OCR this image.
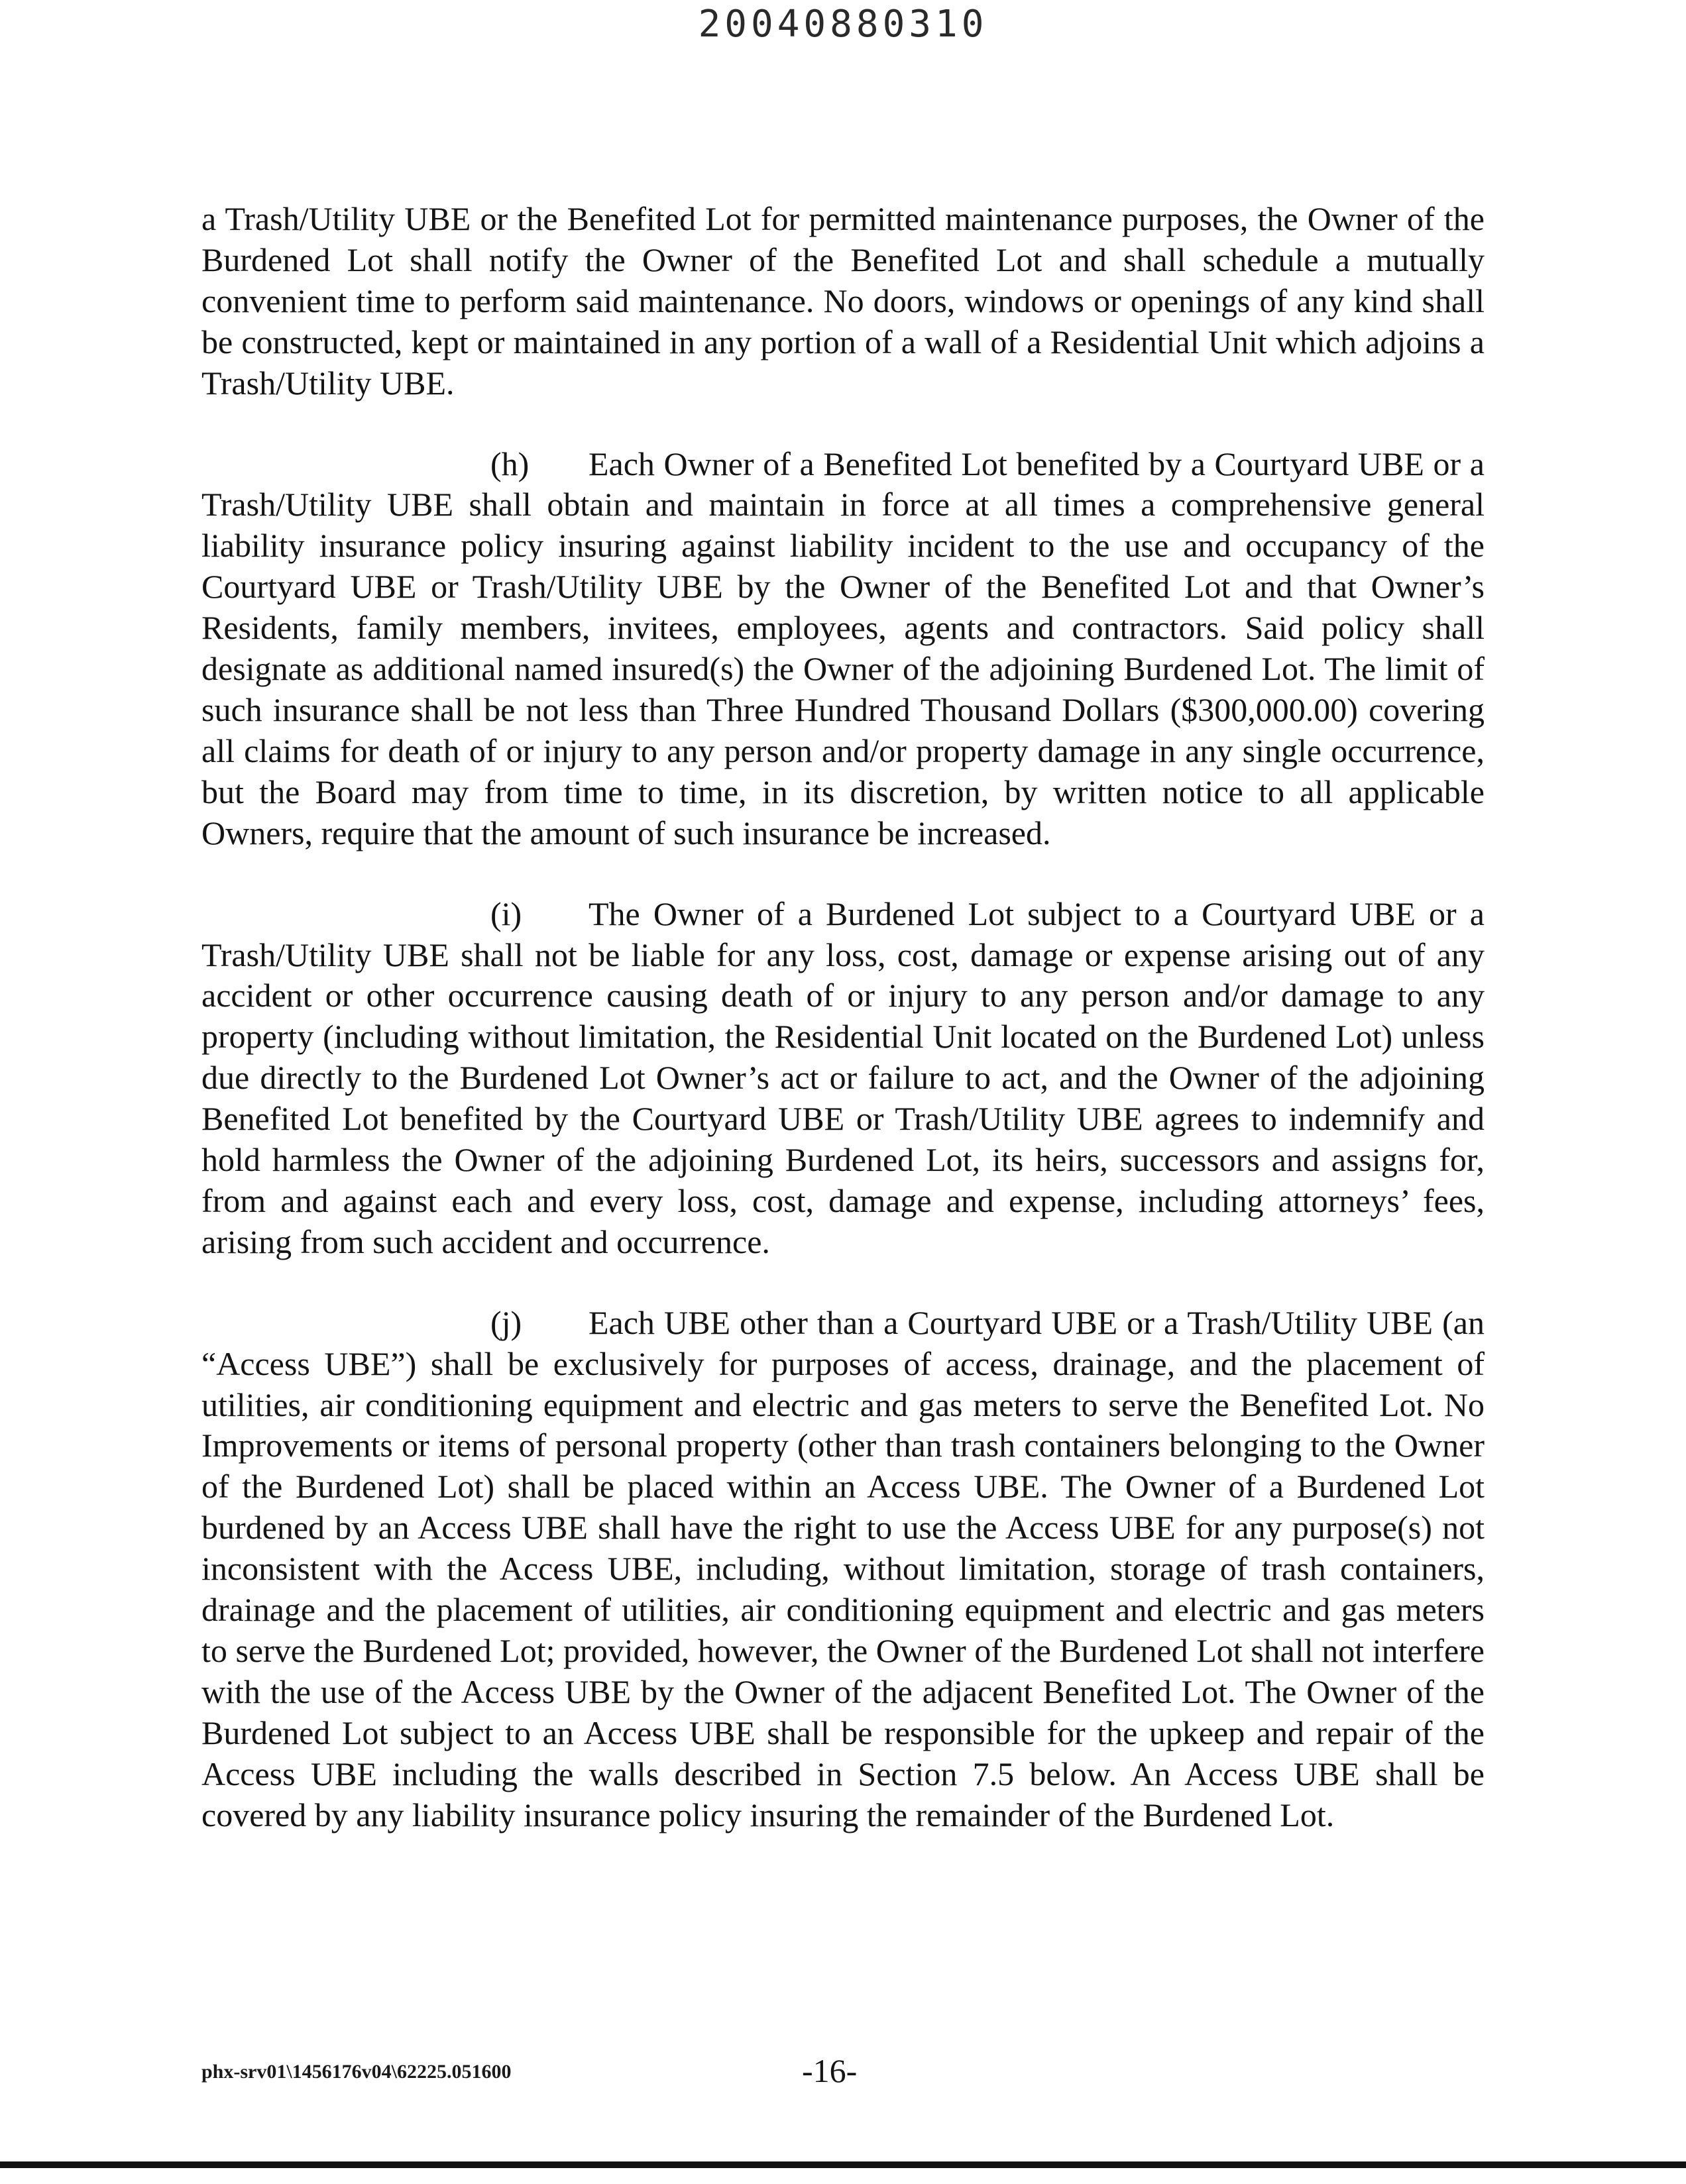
20040880310

a Trash/Utility UBE or the Benefited Lot for permitted maintenance purposes, the Owner of the Burdened Lot shall notify the Owner of the Benefited Lot and shall schedule a mutually convenient time to perform said maintenance. No doors, windows or openings of any kind shall be constructed, kept or maintained in any portion of a wall of a Residential Unit which adjoins a Trash/Utility UBE.

(h) Each Owner of a Benefited Lot benefited by a Courtyard UBE or a Trash/Utility UBE shall obtain and maintain in force at all times a comprehensive general liability insurance policy insuring against liability incident to the use and occupancy of the Courtyard UBE or Trash/Utility UBE by the Owner of the Benefited Lot and that Owner’s Residents, family members, invitees, employees, agents and contractors. Said policy shall designate as additional named insured(s) the Owner of the adjoining Burdened Lot. The limit of such insurance shall be not less than Three Hundred Thousand Dollars ($300,000.00) covering all claims for death of or injury to any person and/or property damage in any single occurrence, but the Board may from time to time, in its discretion, by written notice to all applicable Owners, require that the amount of such insurance be increased.

(i) The Owner of a Burdened Lot subject to a Courtyard UBE or a Trash/Utility UBE shall not be liable for any loss, cost, damage or expense arising out of any accident or other occurrence causing death of or injury to any person and/or damage to any property (including without limitation, the Residential Unit located on the Burdened Lot) unless due directly to the Burdened Lot Owner’s act or failure to act, and the Owner of the adjoining Benefited Lot benefited by the Courtyard UBE or Trash/Utility UBE agrees to indemnify and hold harmless the Owner of the adjoining Burdened Lot, its heirs, successors and assigns for, from and against each and every loss, cost, damage and expense, including attorneys’ fees, arising from such accident and occurrence.

(j) Each UBE other than a Courtyard UBE or a Trash/Utility UBE (an “Access UBE”) shall be exclusively for purposes of access, drainage, and the placement of utilities, air conditioning equipment and electric and gas meters to serve the Benefited Lot. No Improvements or items of personal property (other than trash containers belonging to the Owner of the Burdened Lot) shall be placed within an Access UBE. The Owner of a Burdened Lot burdened by an Access UBE shall have the right to use the Access UBE for any purpose(s) not inconsistent with the Access UBE, including, without limitation, storage of trash containers, drainage and the placement of utilities, air conditioning equipment and electric and gas meters to serve the Burdened Lot; provided, however, the Owner of the Burdened Lot shall not interfere with the use of the Access UBE by the Owner of the adjacent Benefited Lot. The Owner of the Burdened Lot subject to an Access UBE shall be responsible for the upkeep and repair of the Access UBE including the walls described in Section 7.5 below. An Access UBE shall be covered by any liability insurance policy insuring the remainder of the Burdened Lot.

phx-srv01\1456176v04\62225.051600	-16-
